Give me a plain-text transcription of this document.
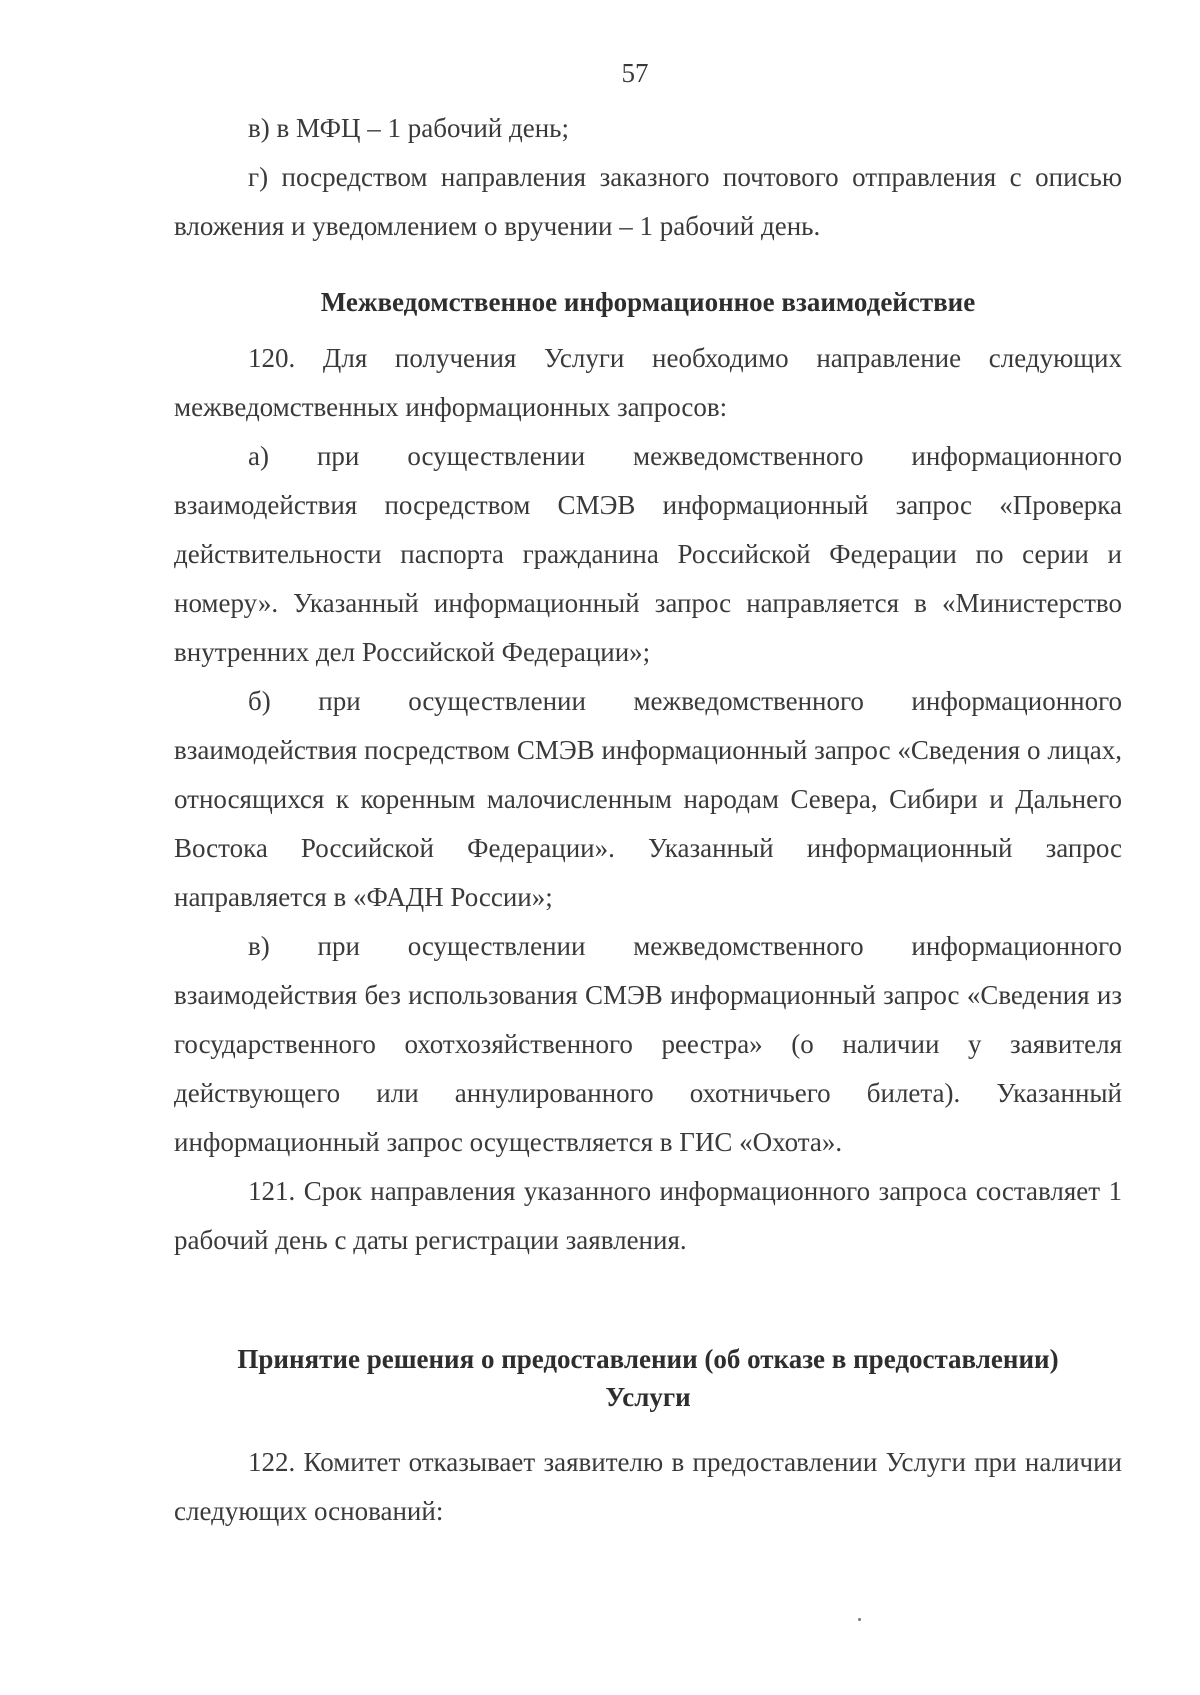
57

в) в МФЦ – 1 рабочий день;

г) посредством направления заказного почтового отправления с описью вложения и уведомлением о вручении – 1 рабочий день.

Межведомственное информационное взаимодействие

120. Для получения Услуги необходимо направление следующих межведомственных информационных запросов:

а) при осуществлении межведомственного информационного взаимодействия посредством СМЭВ информационный запрос «Проверка действительности паспорта гражданина Российской Федерации по серии и номеру». Указанный информационный запрос направляется в «Министерство внутренних дел Российской Федерации»;

б) при осуществлении межведомственного информационного взаимодействия посредством СМЭВ информационный запрос «Сведения о лицах, относящихся к коренным малочисленным народам Севера, Сибири и Дальнего Востока Российской Федерации». Указанный информационный запрос направляется в «ФАДН России»;

в) при осуществлении межведомственного информационного взаимодействия без использования СМЭВ информационный запрос «Сведения из государственного охотхозяйственного реестра» (о наличии у заявителя действующего или аннулированного охотничьего билета). Указанный информационный запрос осуществляется в ГИС «Охота».

121. Срок направления указанного информационного запроса составляет 1 рабочий день с даты регистрации заявления.

Принятие решения о предоставлении (об отказе в предоставлении)
Услуги

122. Комитет отказывает заявителю в предоставлении Услуги при наличии следующих оснований:
